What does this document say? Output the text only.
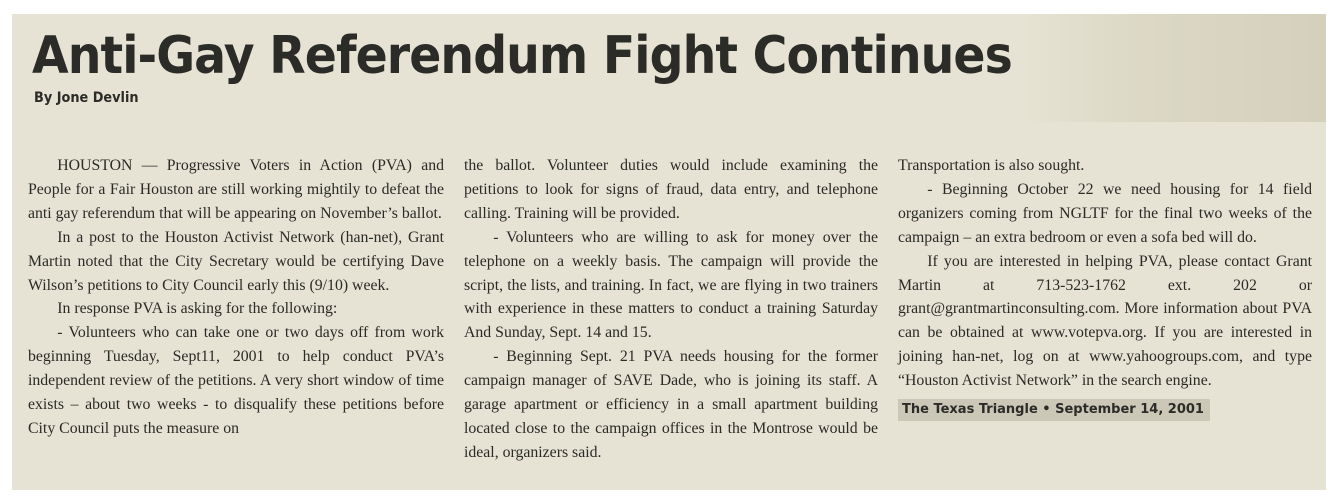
Anti-Gay Referendum Fight Continues
By Jone Devlin

HOUSTON — Progressive Voters in Action (PVA) and People for a Fair Houston are still working mightily to defeat the anti gay referendum that will be appearing on November’s ballot.

In a post to the Houston Activist Network (han-net), Grant Martin noted that the City Secretary would be certifying Dave Wilson’s petitions to City Council early this (9/10) week.

In response PVA is asking for the following:

- Volunteers who can take one or two days off from work beginning Tuesday, Sept11, 2001 to help conduct PVA’s independent review of the petitions. A very short window of time exists – about two weeks - to disqualify these petitions before City Council puts the measure on

the ballot. Volunteer duties would include examining the petitions to look for signs of fraud, data entry, and telephone calling. Training will be provided.

- Volunteers who are willing to ask for money over the telephone on a weekly basis. The campaign will provide the script, the lists, and training. In fact, we are flying in two trainers with experience in these matters to conduct a training Saturday And Sunday, Sept. 14 and 15.

- Beginning Sept. 21 PVA needs housing for the former campaign manager of SAVE Dade, who is joining its staff. A garage apartment or efficiency in a small apartment building located close to the campaign offices in the Montrose would be ideal, organizers said.

Transportation is also sought.

- Beginning October 22 we need housing for 14 field organizers coming from NGLTF for the final two weeks of the campaign – an extra bedroom or even a sofa bed will do.

If you are interested in helping PVA, please contact Grant Martin at 713-523-1762 ext. 202 or grant@grantmartinconsulting.com. More information about PVA can be obtained at www.votepva.org. If you are interested in joining han-net, log on at www.yahoogroups.com, and type “Houston Activist Network” in the search engine.

The Texas Triangle • September 14, 2001
